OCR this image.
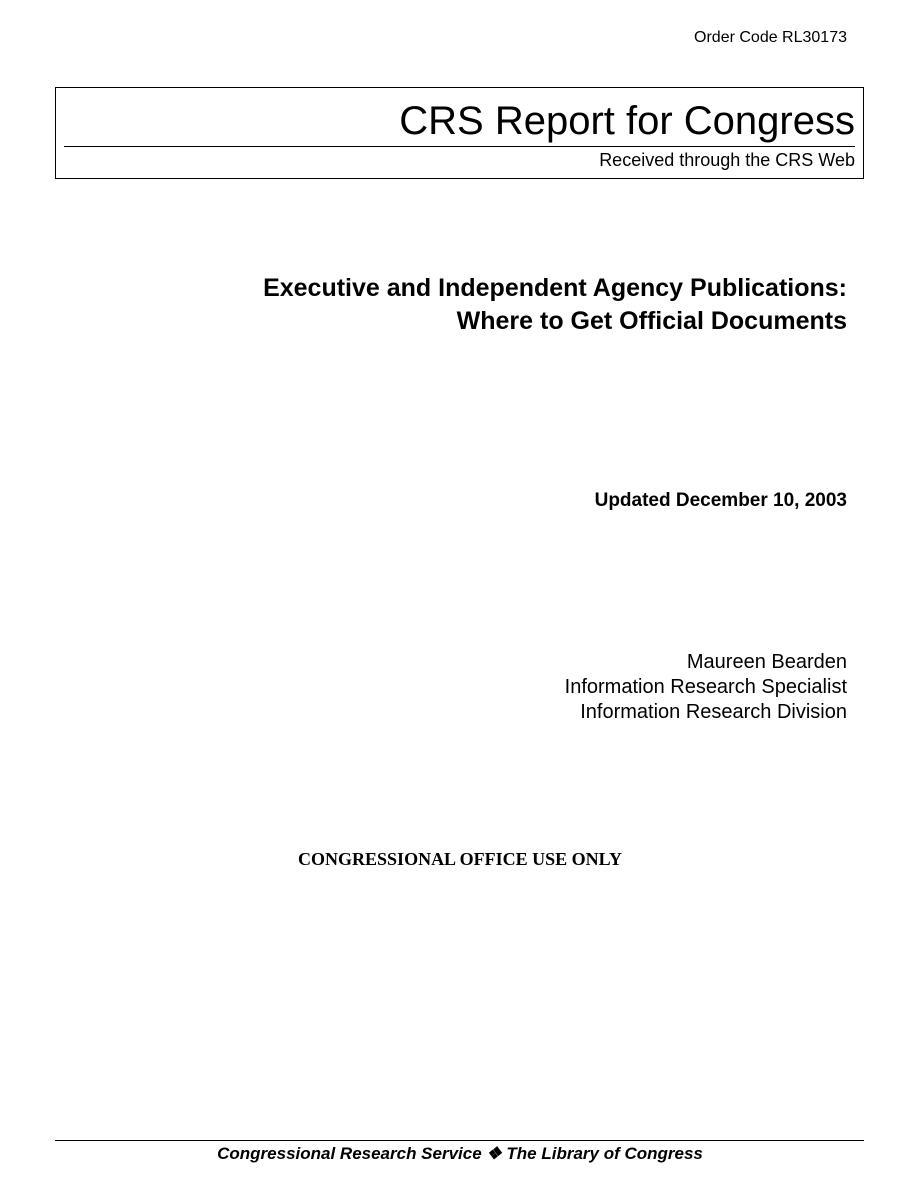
Order Code RL30173
CRS Report for Congress
Received through the CRS Web
Executive and Independent Agency Publications:
Where to Get Official Documents
Updated December 10, 2003
Maureen Bearden
Information Research Specialist
Information Research Division
CONGRESSIONAL OFFICE USE ONLY
Congressional Research Service ❖ The Library of Congress
